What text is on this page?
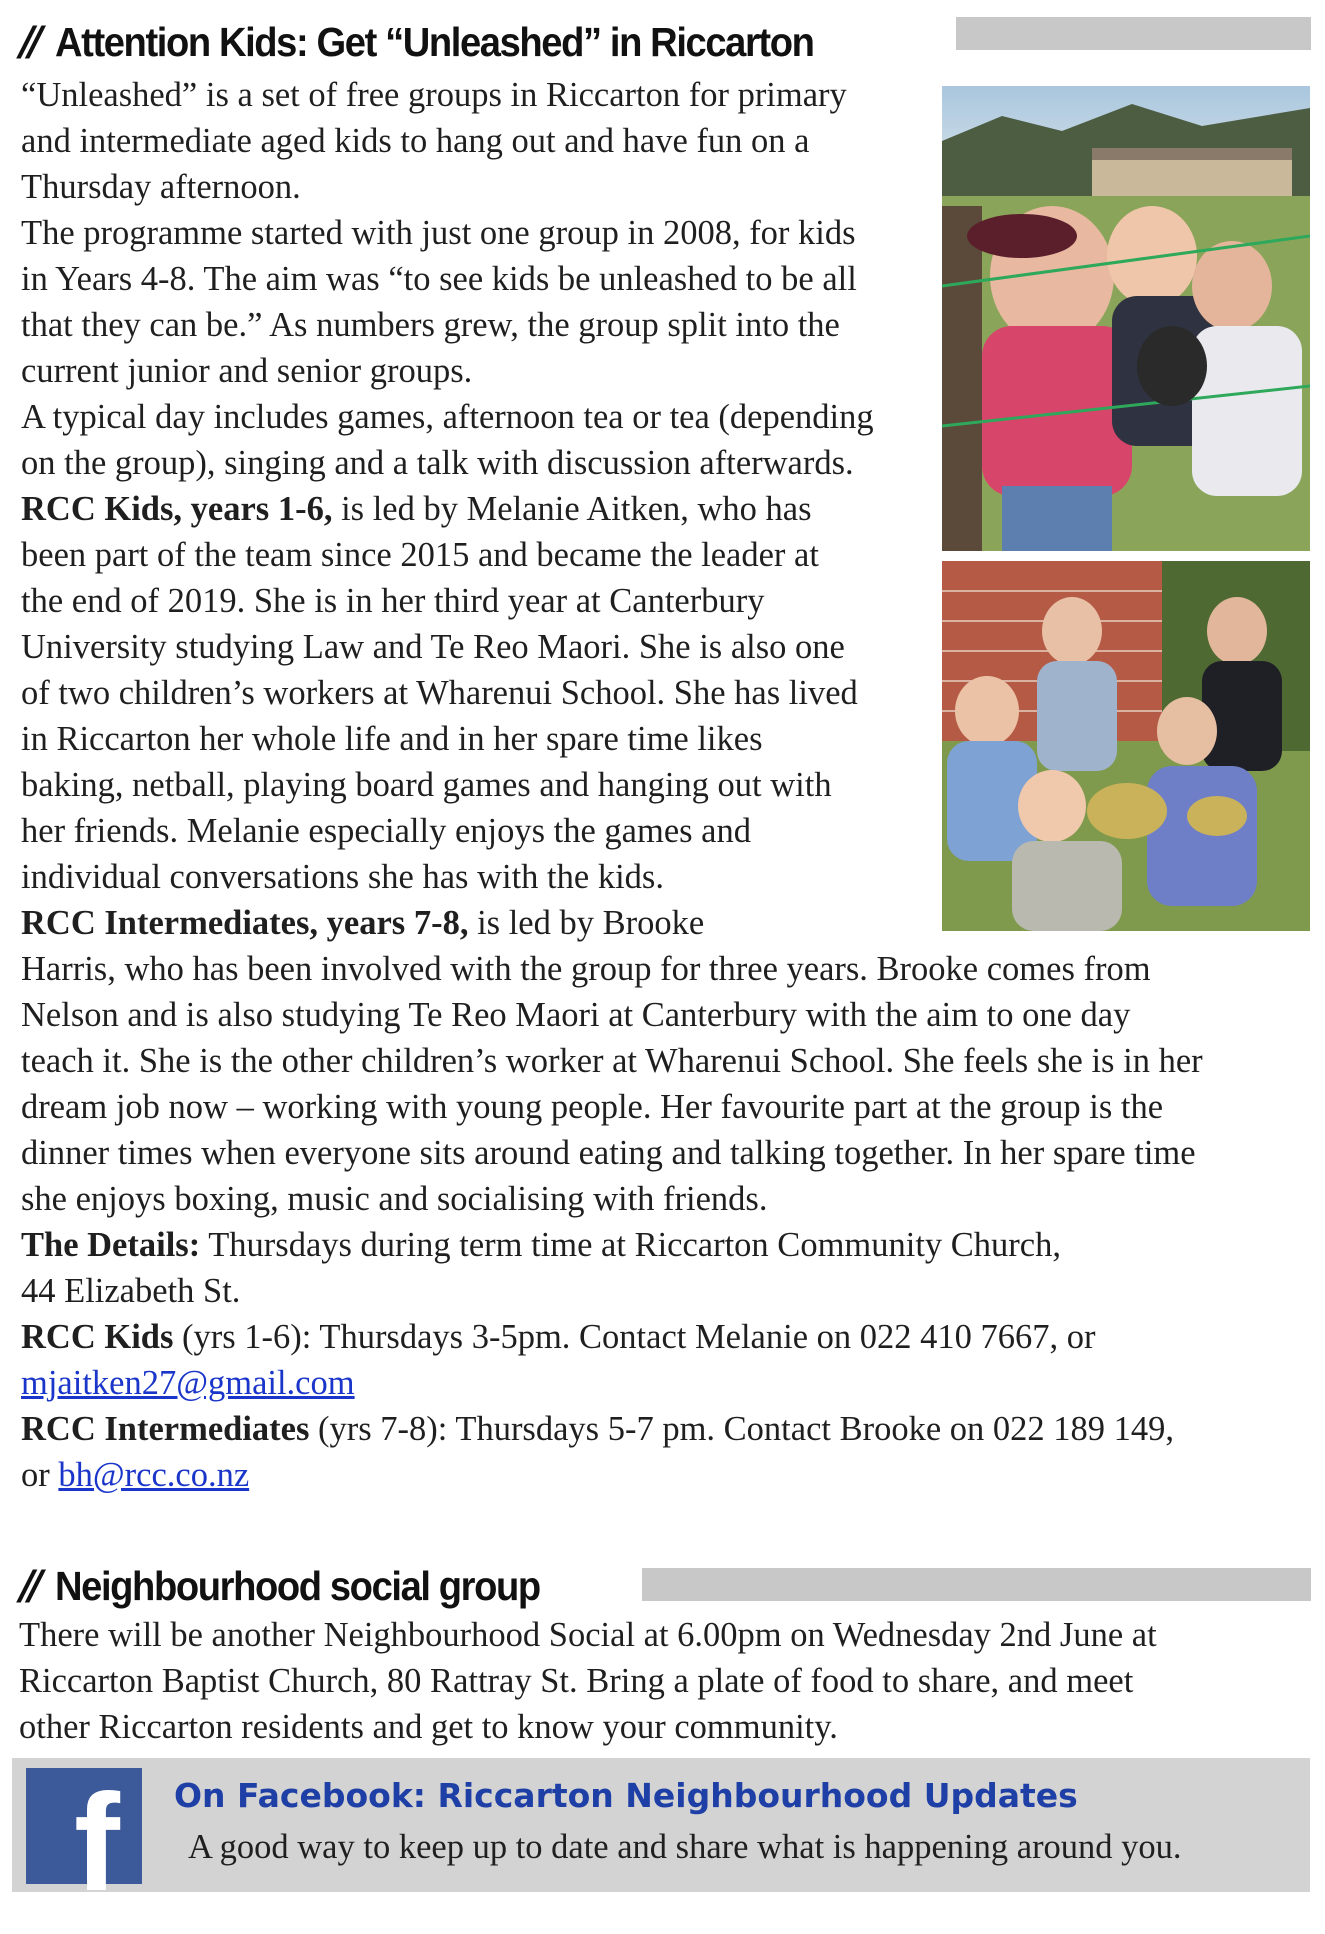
// Attention Kids: Get “Unleashed” in Riccarton

“Unleashed” is a set of free groups in Riccarton for primary

and intermediate aged kids to hang out and have fun on a

Thursday afternoon.

The programme started with just one group in 2008, for kids

in Years 4-8. The aim was “to see kids be unleashed to be all

that they can be.” As numbers grew, the group split into the

current junior and senior groups.

A typical day includes games, afternoon tea or tea (depending

on the group), singing and a talk with discussion afterwards.

RCC Kids, years 1-6, is led by Melanie Aitken, who has

been part of the team since 2015 and became the leader at

the end of 2019. She is in her third year at Canterbury

University studying Law and Te Reo Maori. She is also one

of two children’s workers at Wharenui School. She has lived

in Riccarton her whole life and in her spare time likes

baking, netball, playing board games and hanging out with

her friends. Melanie especially enjoys the games and

individual conversations she has with the kids.

RCC Intermediates, years 7-8, is led by Brooke

Harris, who has been involved with the group for three years. Brooke comes from

Nelson and is also studying Te Reo Maori at Canterbury with the aim to one day

teach it. She is the other children’s worker at Wharenui School. She feels she is in her

dream job now – working with young people. Her favourite part at the group is the

dinner times when everyone sits around eating and talking together. In her spare time

she enjoys boxing, music and socialising with friends.

The Details: Thursdays during term time at Riccarton Community Church,

44 Elizabeth St.

RCC Kids (yrs 1-6): Thursdays 3-5pm. Contact Melanie on 022 410 7667, or

mjaitken27@gmail.com

RCC Intermediates (yrs 7-8): Thursdays 5-7 pm. Contact Brooke on 022 189 149,

or bh@rcc.co.nz

// Neighbourhood social group

There will be another Neighbourhood Social at 6.00pm on Wednesday 2nd June at

Riccarton Baptist Church, 80 Rattray St. Bring a plate of food to share, and meet

other Riccarton residents and get to know your community.

f On Facebook: Riccarton Neighbourhood Updates
A good way to keep up to date and share what is happening around you.
